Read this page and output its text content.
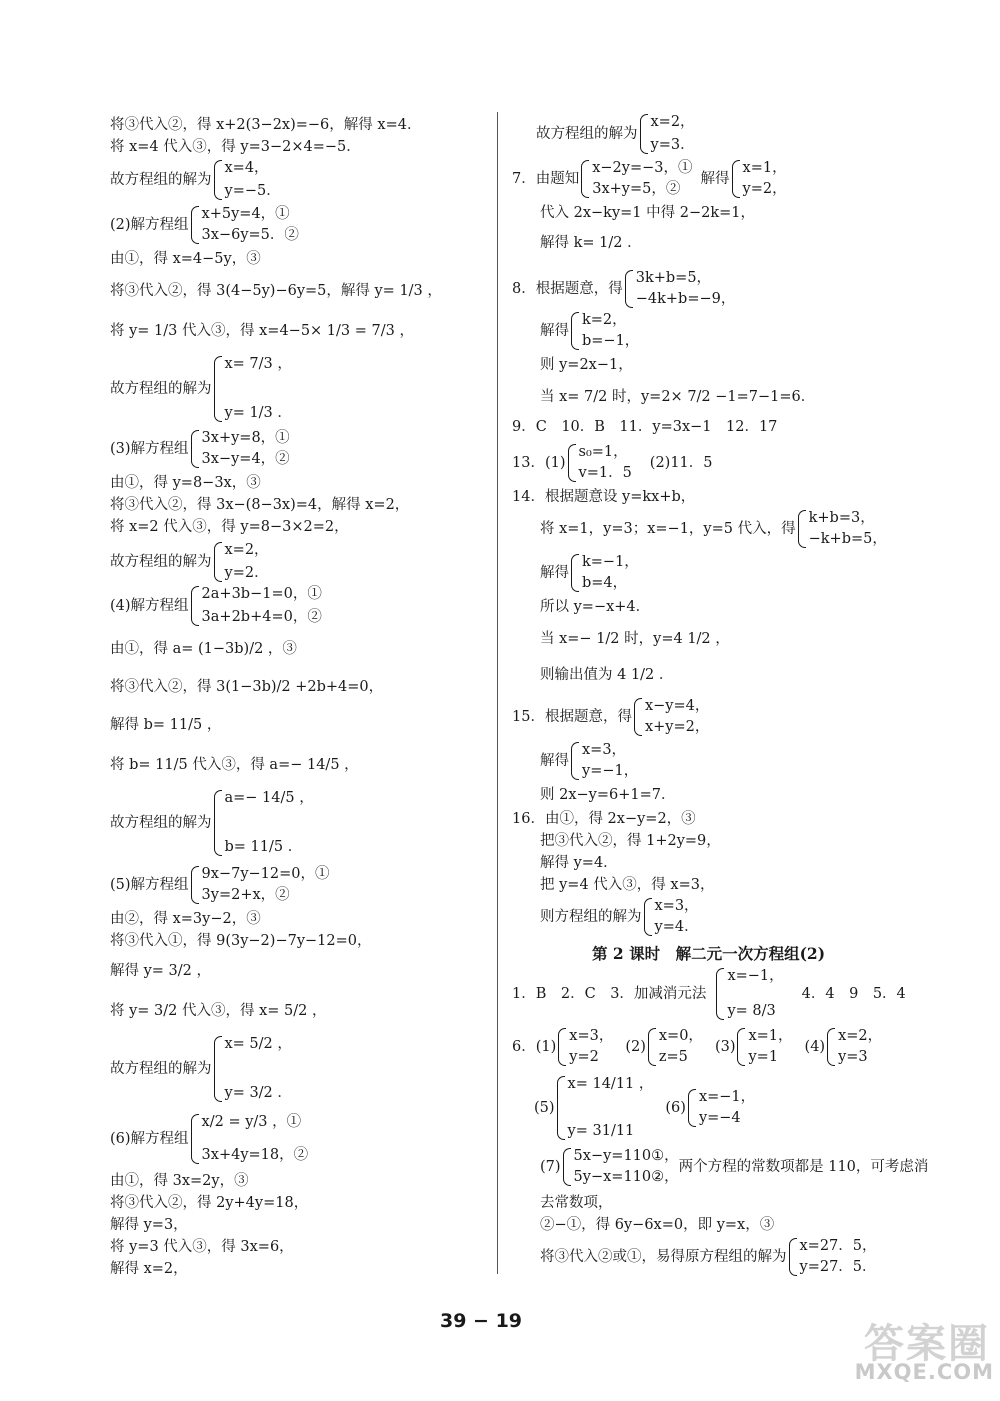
将③代入②，得 x+2(3−2x)=−6，解得 x=4．
将 x=4 代入③，得 y=3−2×4=−5．
故方程组的解为
x=4，
y=−5．
(2)解方程组
x+5y=4，①
3x−6y=5．②
由①，得 x=4−5y，③
将③代入②，得 3(4−5y)−6y=5，解得 y= 1/3 ，
将 y= 1/3 代入③，得 x=4−5× 1/3 = 7/3 ，
故方程组的解为
x= 7/3 ，
y= 1/3 ．
(3)解方程组
3x+y=8，①
3x−y=4，②
由①，得 y=8−3x，③
将③代入②，得 3x−(8−3x)=4，解得 x=2，
将 x=2 代入③，得 y=8−3×2=2，
故方程组的解为
x=2，
y=2．
(4)解方程组
2a+3b−1=0，①
3a+2b+4=0，②
由①，得 a= (1−3b)/2 ，③
将③代入②，得 3(1−3b)/2 +2b+4=0，
解得 b= 11/5 ，
将 b= 11/5 代入③，得 a=− 14/5 ，
故方程组的解为
a=− 14/5 ，
b= 11/5 ．
(5)解方程组
9x−7y−12=0，①
3y=2+x，②
由②，得 x=3y−2，③
将③代入①，得 9(3y−2)−7y−12=0，
解得 y= 3/2 ，
将 y= 3/2 代入③，得 x= 5/2 ，
故方程组的解为
x= 5/2 ，
y= 3/2 ．
(6)解方程组
x/2 = y/3 ，①
3x+4y=18，②
由①，得 3x=2y，③
将③代入②，得 2y+4y=18，
解得 y=3，
将 y=3 代入③，得 3x=6，
解得 x=2，
故方程组的解为
x=2，
y=3．
7．由题知
x−2y=−3，①
3x+y=5，②
解得
x=1，
y=2，
代入 2x−ky=1 中得 2−2k=1，
解得 k= 1/2 ．
8．根据题意，得
3k+b=5，
−4k+b=−9，
解得
k=2，
b=−1，
则 y=2x−1，
当 x= 7/2 时，y=2× 7/2 −1=7−1=6．
9．C　10．B　11．y=3x−1　12．17
13．(1)
s₀=1，
v=1．5
(2)11．5
14．根据题意设 y=kx+b，
将 x=1，y=3；x=−1，y=5 代入，得
k+b=3，
−k+b=5，
解得
k=−1，
b=4，
所以 y=−x+4．
当 x=− 1/2 时，y=4 1/2 ，
则输出值为 4 1/2 ．
15．根据题意，得
x−y=4，
x+y=2，
解得
x=3，
y=−1，
则 2x−y=6+1=7．
16．由①，得 2x−y=2，③
把③代入②，得 1+2y=9，
解得 y=4．
把 y=4 代入③，得 x=3，
则方程组的解为
x=3，
y=4．
第 2 课时　解二元一次方程组(2)
1．B　2．C　3．加减消元法
x=−1，
y= 8/3
4．4　9　5．4
6．(1)
x=3，
y=2
(2)
x=0，
z=5
(3)
x=1，
y=1
(4)
x=2，
y=3
(5)
x= 14/11 ，
y= 31/11
(6)
x=−1，
y=−4
(7)
5x−y=110①，
5y−x=110②，
两个方程的常数项都是 110，可考虑消
去常数项，
②−①，得 6y−6x=0，即 y=x，③
将③代入②或①，易得原方程组的解为
x=27．5，
y=27．5．
39 − 19	答案圈
MXQE.COM
